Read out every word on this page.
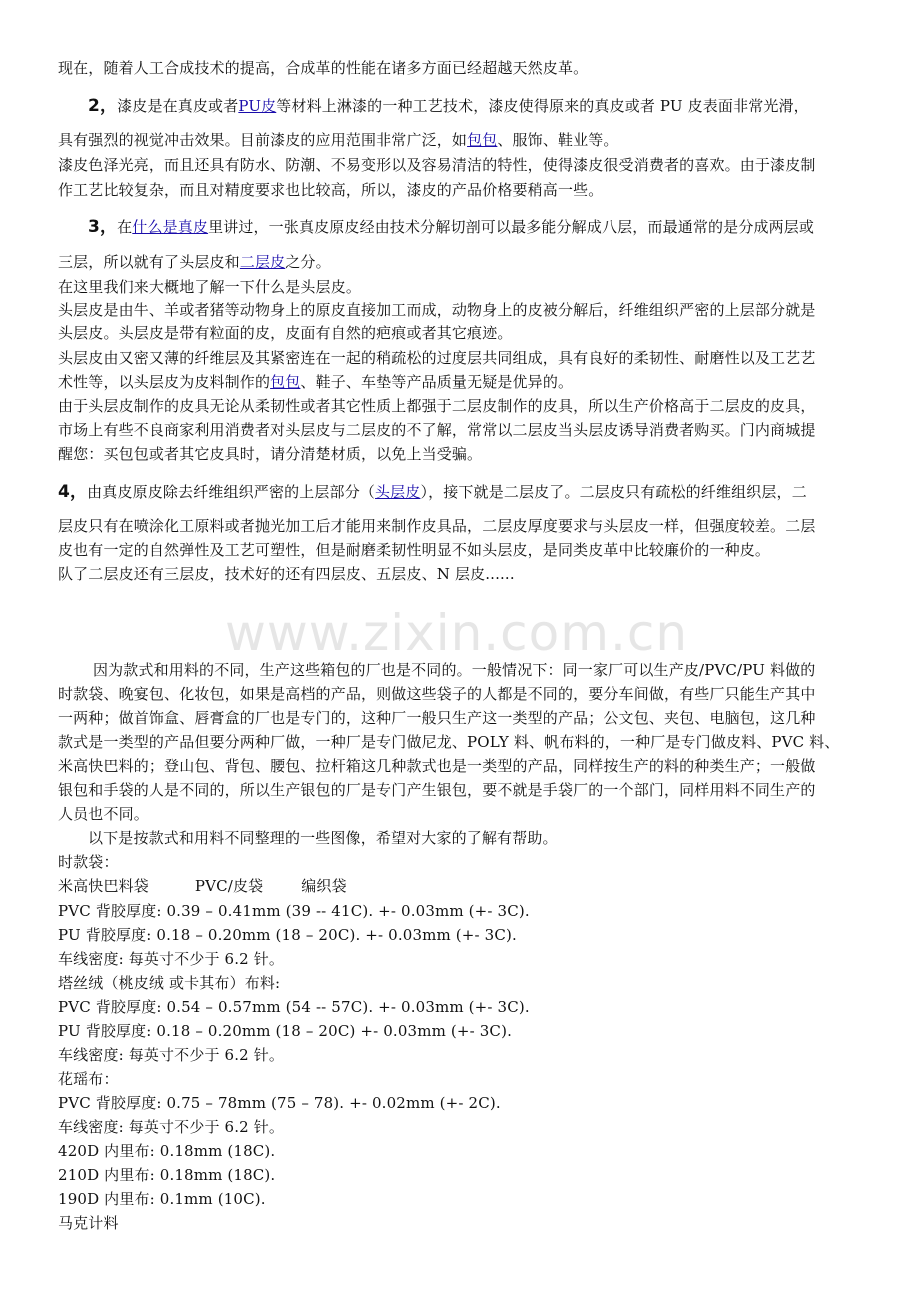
现在，随着人工合成技术的提高，合成革的性能在诸多方面已经超越天然皮革。
2，漆皮是在真皮或者PU皮等材料上淋漆的一种工艺技术，漆皮使得原来的真皮或者 PU 皮表面非常光滑，
具有强烈的视觉冲击效果。目前漆皮的应用范围非常广泛，如包包、服饰、鞋业等。
漆皮色泽光亮，而且还具有防水、防潮、不易变形以及容易清洁的特性，使得漆皮很受消费者的喜欢。由于漆皮制
作工艺比较复杂，而且对精度要求也比较高，所以，漆皮的产品价格要稍高一些。
3，在什么是真皮里讲过，一张真皮原皮经由技术分解切剖可以最多能分解成八层，而最通常的是分成两层或
三层，所以就有了头层皮和二层皮之分。
在这里我们来大概地了解一下什么是头层皮。
头层皮是由牛、羊或者猪等动物身上的原皮直接加工而成，动物身上的皮被分解后，纤维组织严密的上层部分就是
头层皮。头层皮是带有粒面的皮，皮面有自然的疤痕或者其它痕迹。
头层皮由又密又薄的纤维层及其紧密连在一起的稍疏松的过度层共同组成，具有良好的柔韧性、耐磨性以及工艺艺
术性等，以头层皮为皮料制作的包包、鞋子、车垫等产品质量无疑是优异的。
由于头层皮制作的皮具无论从柔韧性或者其它性质上都强于二层皮制作的皮具，所以生产价格高于二层皮的皮具，
市场上有些不良商家利用消费者对头层皮与二层皮的不了解，常常以二层皮当头层皮诱导消费者购买。门内商城提
醒您：买包包或者其它皮具时，请分清楚材质，以免上当受骗。
4，由真皮原皮除去纤维组织严密的上层部分（头层皮），接下就是二层皮了。二层皮只有疏松的纤维组织层，二
层皮只有在喷涂化工原料或者抛光加工后才能用来制作皮具品，二层皮厚度要求与头层皮一样，但强度较差。二层
皮也有一定的自然弹性及工艺可塑性，但是耐磨柔韧性明显不如头层皮，是同类皮革中比较廉价的一种皮。
队了二层皮还有三层皮，技术好的还有四层皮、五层皮、N 层皮......
因为款式和用料的不同，生产这些箱包的厂也是不同的。一般情况下：同一家厂可以生产皮/PVC/PU 料做的
时款袋、晚宴包、化妆包，如果是高档的产品，则做这些袋子的人都是不同的，要分车间做，有些厂只能生产其中
一两种；做首饰盒、唇膏盒的厂也是专门的，这种厂一般只生产这一类型的产品；公文包、夹包、电脑包，这几种
款式是一类型的产品但要分两种厂做，一种厂是专门做尼龙、POLY 料、帆布料的，一种厂是专门做皮料、PVC 料、
米高快巴料的；登山包、背包、腰包、拉杆箱这几种款式也是一类型的产品，同样按生产的料的种类生产；一般做
银包和手袋的人是不同的，所以生产银包的厂是专门产生银包，要不就是手袋厂的一个部门，同样用料不同生产的
人员也不同。
以下是按款式和用料不同整理的一些图像，希望对大家的了解有帮助。
时款袋：
米高快巴料袋	PVC/皮袋	编织袋
PVC 背胶厚度: 0.39 – 0.41mm (39 -- 41C). +- 0.03mm (+- 3C).
PU 背胶厚度: 0.18 – 0.20mm (18 – 20C). +- 0.03mm (+- 3C).
车线密度: 每英寸不少于 6.2 针。
塔丝绒（桃皮绒 或卡其布）布料:
PVC 背胶厚度: 0.54 – 0.57mm (54 -- 57C). +- 0.03mm (+- 3C).
PU 背胶厚度: 0.18 – 0.20mm (18 – 20C) +- 0.03mm (+- 3C).
车线密度: 每英寸不少于 6.2 针。
花瑶布：
PVC 背胶厚度: 0.75 – 78mm (75 – 78). +- 0.02mm (+- 2C).
车线密度: 每英寸不少于 6.2 针。
420D 内里布: 0.18mm (18C).
210D 内里布: 0.18mm (18C).
190D 内里布: 0.1mm (10C).
马克计料
www.zixin.com.cn
